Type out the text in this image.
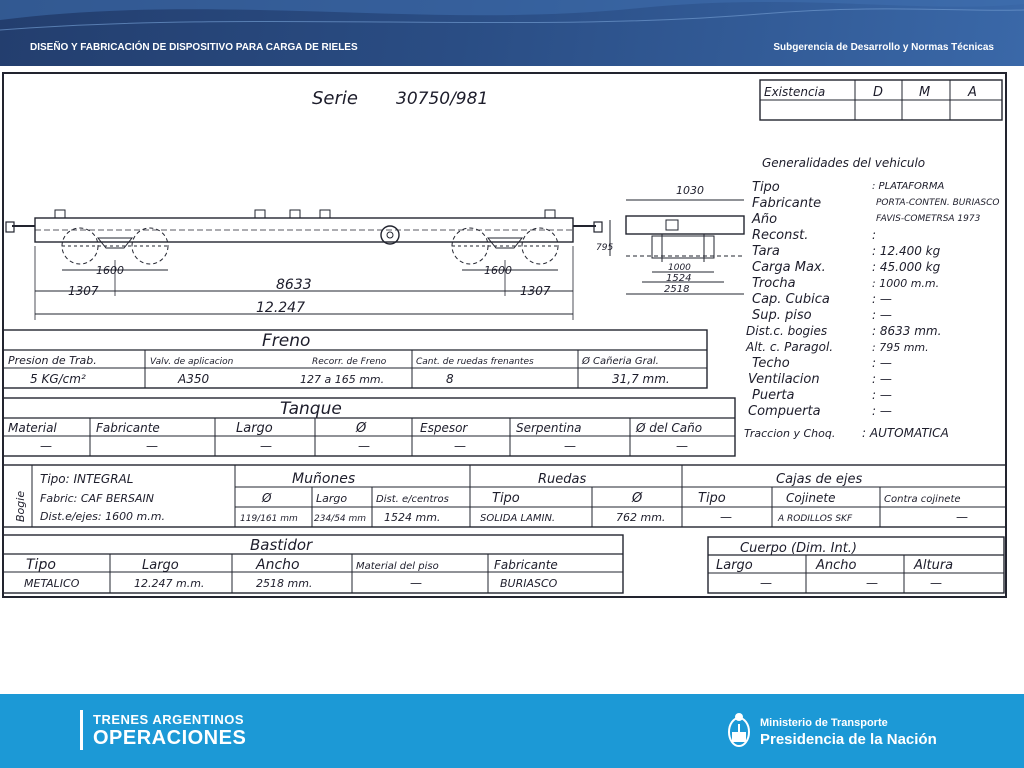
DISEÑO Y FABRICACIÓN DE DISPOSITIVO PARA CARGA DE RIELES	Subgerencia de Desarrollo y Normas Técnicas
Serie 30750/981	Existencia	D	M	A
1600	1600
1307	1307
8633
12.247
1030
795
1000
1524
2518
Generalidades del vehiculo
Tipo	: PLATAFORMA
Fabricante	PORTA-CONTEN. BURIASCO
Año	FAVIS-COMETRSA 1973
Reconst.	:
Tara	: 12.400 kg
Carga Max.	: 45.000 kg
Trocha	: 1000 m.m.
Cap. Cubica	: —
Sup. piso	: —
Dist.c. bogies	: 8633 mm.
Alt. c. Paragol.	: 795 mm.
Techo	: —
Ventilacion	: —
Puerta	: —
Compuerta	: —
Traccion y Choq. : AUTOMATICA
Freno
Presion de Trab.	Valv. de aplicacion	Recorr. de Freno	Cant. de ruedas frenantes	Ø Cañeria Gral.
5 KG/cm²	A350	127 a 165 mm.	8	31,7 mm.
Tanque
Material	Fabricante	Largo	Ø	Espesor	Serpentina	Ø del Caño
—	—	—	—	—	—	—
Bogie
Tipo: INTEGRAL
Fabric: CAF BERSAIN
Dist.e/ejes: 1600 m.m.
Muñones
Ø	Largo	Dist. e/centros
119/161 mm 234/54 mm 1524 mm.
Ruedas
Tipo	Ø
SOLIDA LAMIN.	762 mm.
Cajas de ejes
Tipo	Cojinete	Contra cojinete
—	A RODILLOS SKF	—
Bastidor
Tipo	Largo	Ancho	Material del piso	Fabricante
METALICO	12.247 m.m.	2518 mm.	—	BURIASCO
Cuerpo (Dim. Int.)
Largo	Ancho	Altura
—	—	—
TRENES ARGENTINOS
OPERACIONES
Ministerio de Transporte
Presidencia de la Nación
